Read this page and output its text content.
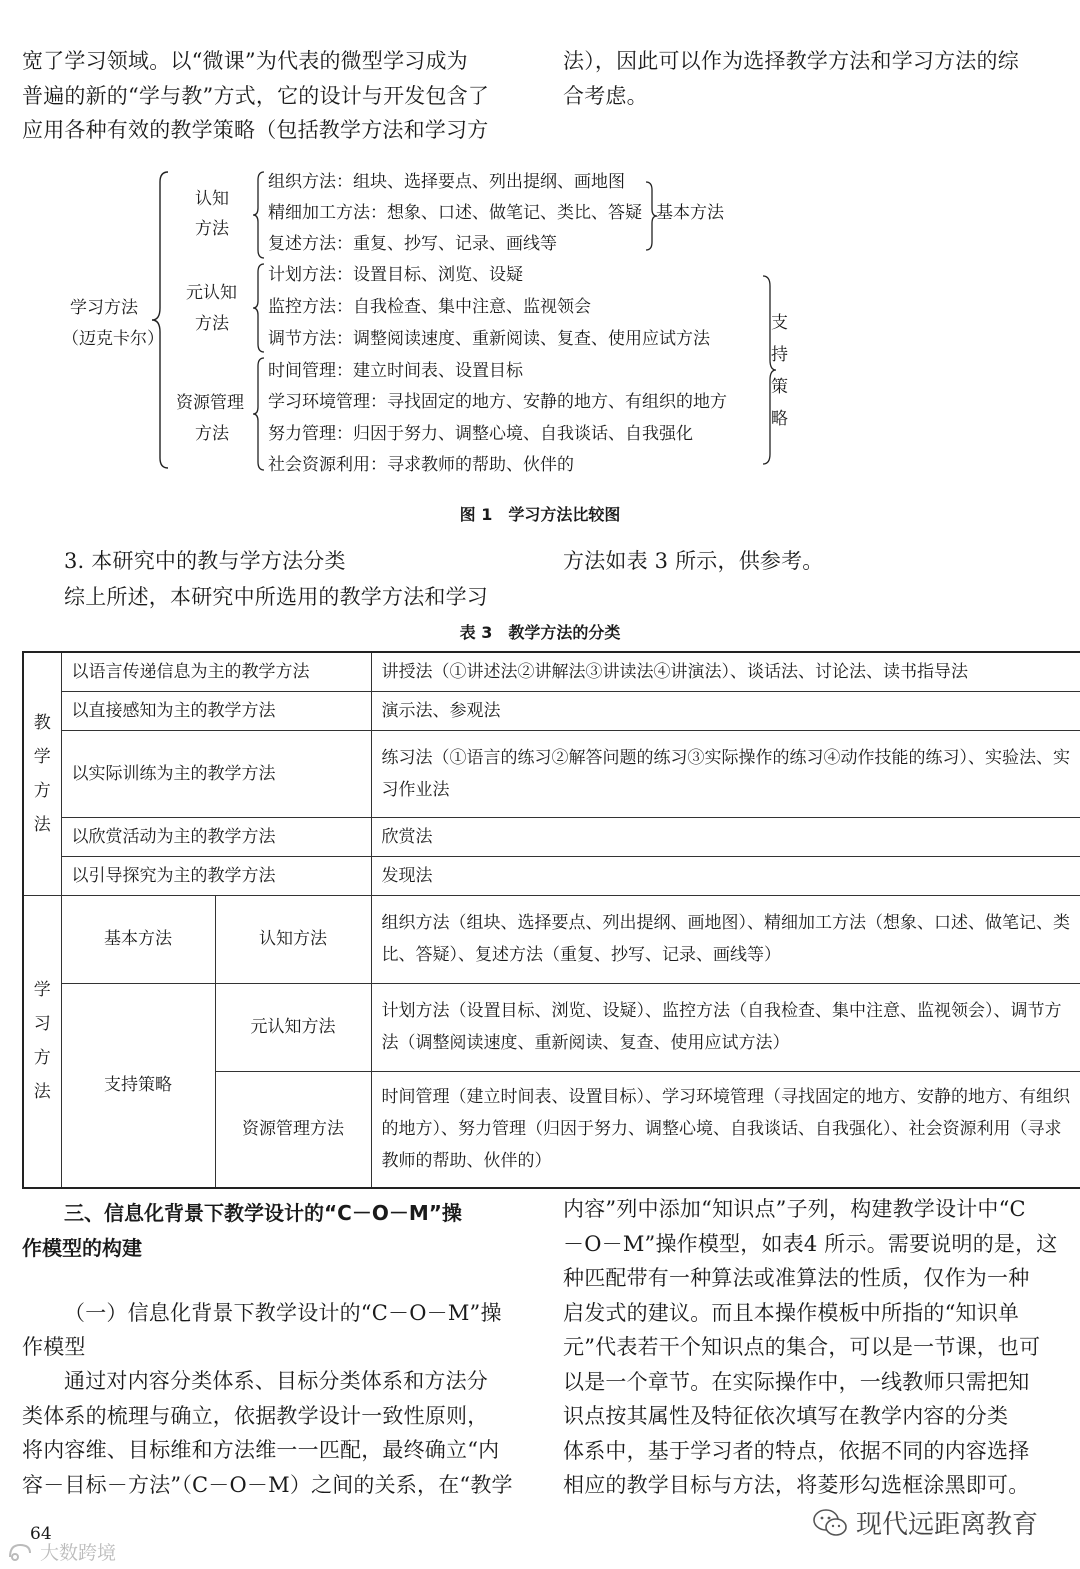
宽了学习领域。以“微课”为代表的微型学习成为

普遍的新的“学与教”方式，它的设计与开发包含了

应用各种有效的教学策略（包括教学方法和学习方

法），因此可以作为选择教学方法和学习方法的综

合考虑。

学习方法
（迈克卡尔）
认知
方法
元认知
方法
资源管理
方法
组织方法：组块、选择要点、列出提纲、画地图
精细加工方法：想象、口述、做笔记、类比、答疑
复述方法：重复、抄写、记录、画线等
计划方法：设置目标、浏览、设疑
监控方法：自我检查、集中注意、监视领会
调节方法：调整阅读速度、重新阅读、复查、使用应试方法
时间管理：建立时间表、设置目标
学习环境管理：寻找固定的地方、安静的地方、有组织的地方
努力管理：归因于努力、调整心境、自我谈话、自我强化
社会资源利用：寻求教师的帮助、伙伴的
基本方法
支
持
策
略
图 1　学习方法比较图
3. 本研究中的教与学方法分类
综上所述，本研究中所选用的教学方法和学习
方法如表 3 所示，供参考。
表 3　教学方法的分类
教
学
方
法	以语言传递信息为主的教学方法		讲授法（①讲述法②讲解法③讲读法④讲演法）、谈话法、讨论法、读书指导法
	以直接感知为主的教学方法		演示法、参观法
	以实际训练为主的教学方法		练习法（①语言的练习②解答问题的练习③实际操作的练习④动作技能的练习）、实验法、实习作业法
	以欣赏活动为主的教学方法		欣赏法
	以引导探究为主的教学方法		发现法

学
习
方
法	基本方法	认知方法	组织方法（组块、选择要点、列出提纲、画地图）、精细加工方法（想象、口述、做笔记、类比、答疑）、复述方法（重复、抄写、记录、画线等）
	支持策略	元认知方法	计划方法（设置目标、浏览、设疑）、监控方法（自我检查、集中注意、监视领会）、调节方法（调整阅读速度、重新阅读、复查、使用应试方法）
		资源管理方法	时间管理（建立时间表、设置目标）、学习环境管理（寻找固定的地方、安静的地方、有组织的地方）、努力管理（归因于努力、调整心境、自我谈话、自我强化）、社会资源利用（寻求教师的帮助、伙伴的）
三、信息化背景下教学设计的“C－O－M”操
作模型的构建
（一）信息化背景下教学设计的“C－O－M”操
作模型

通过对内容分类体系、目标分类体系和方法分

类体系的梳理与确立，依据教学设计一致性原则，

将内容维、目标维和方法维一一匹配，最终确立“内

容－目标－方法”（C－O－M）之间的关系，在“教学

内容”列中添加“知识点”子列，构建教学设计中“C

－O－M”操作模型，如表4 所示。需要说明的是，这

种匹配带有一种算法或准算法的性质，仅作为一种

启发式的建议。而且本操作模板中所指的“知识单

元”代表若干个知识点的集合，可以是一节课，也可

以是一个章节。在实际操作中，一线教师只需把知

识点按其属性及特征依次填写在教学内容的分类

体系中，基于学习者的特点，依据不同的内容选择

相应的教学目标与方法，将菱形勾选框涂黑即可。

64	现代远距离教育
大数跨境
